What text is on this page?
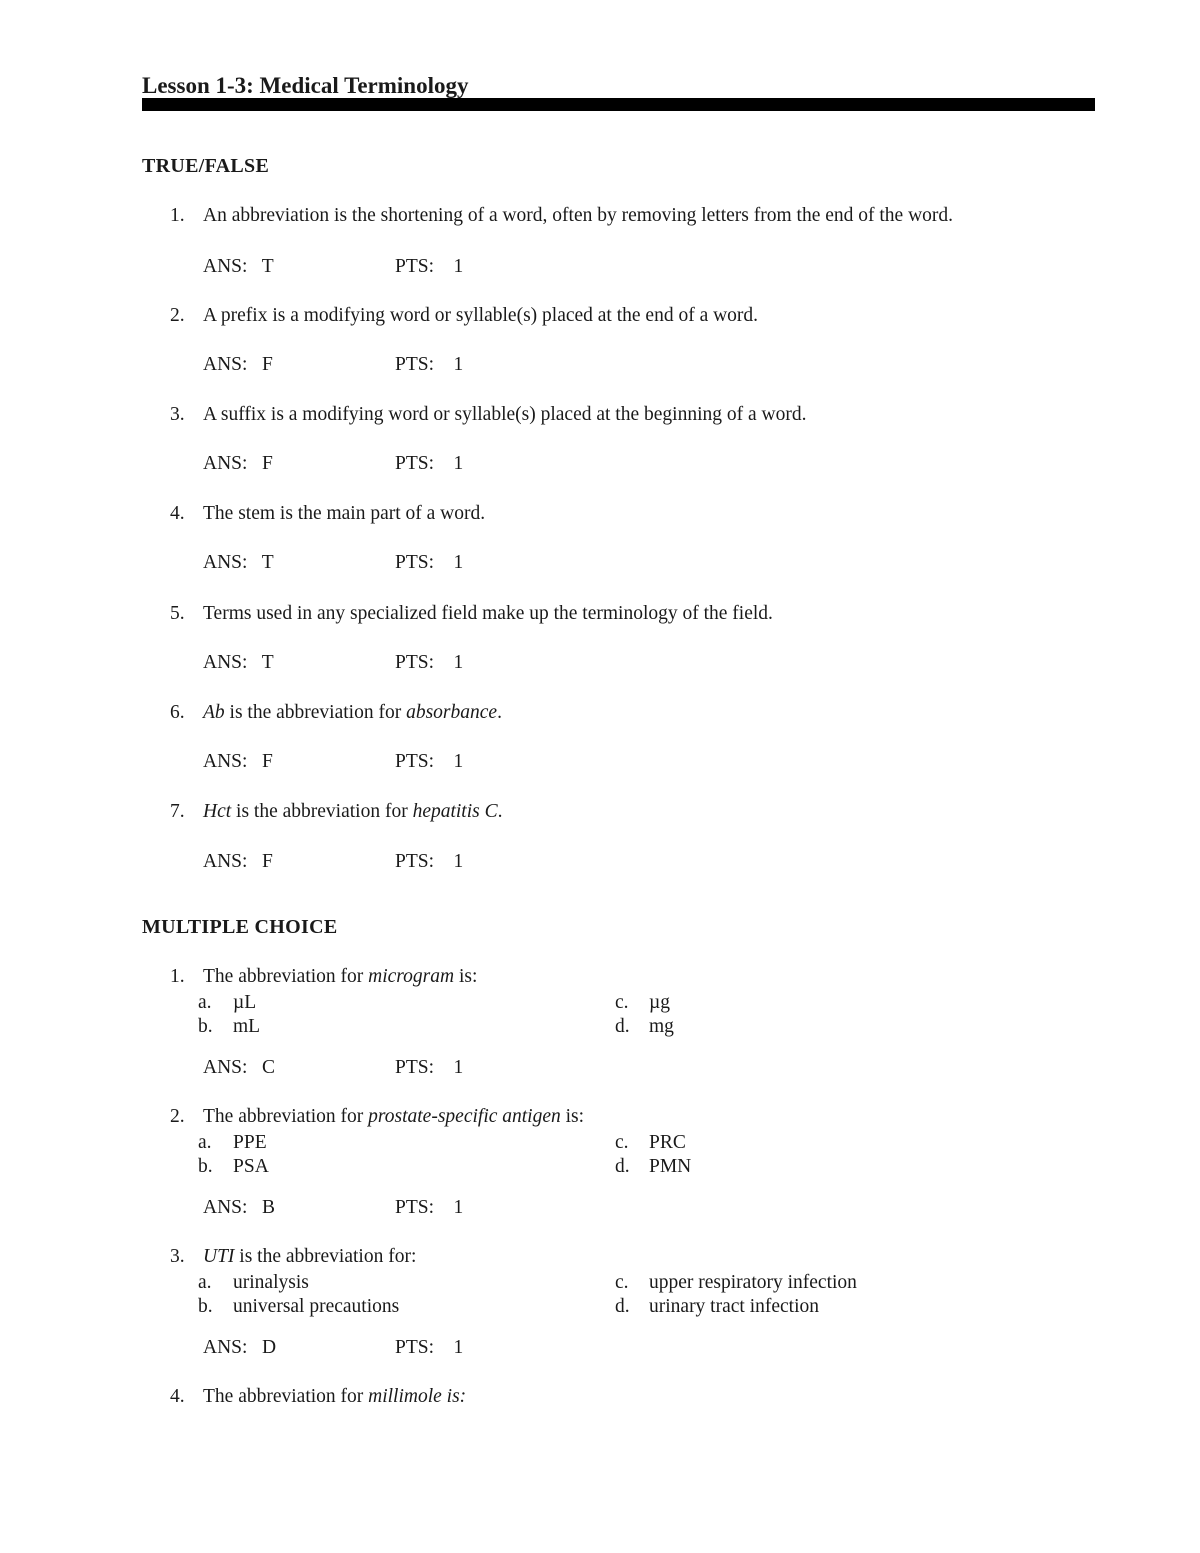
Lesson 1-3: Medical Terminology
TRUE/FALSE
1. An abbreviation is the shortening of a word, often by removing letters from the end of the word.
ANS:   T	PTS:    1
2. A prefix is a modifying word or syllable(s) placed at the end of a word.
ANS:   F	PTS:    1
3. A suffix is a modifying word or syllable(s) placed at the beginning of a word.
ANS:   F	PTS:    1
4. The stem is the main part of a word.
ANS:   T	PTS:    1
5. Terms used in any specialized field make up the terminology of the field.
ANS:   T	PTS:    1
6. Ab is the abbreviation for absorbance.
ANS:   F	PTS:    1
7. Hct is the abbreviation for hepatitis C.
ANS:   F	PTS:    1
MULTIPLE CHOICE
1. The abbreviation for microgram is:
a. µL	c. µg
b. mL	d. mg
ANS:   C	PTS:    1
2. The abbreviation for prostate-specific antigen is:
a. PPE	c. PRC
b. PSA	d. PMN
ANS:   B	PTS:    1
3. UTI is the abbreviation for:
a. urinalysis	c. upper respiratory infection
b. universal precautions	d. urinary tract infection
ANS:   D	PTS:    1
4. The abbreviation for millimole is:
